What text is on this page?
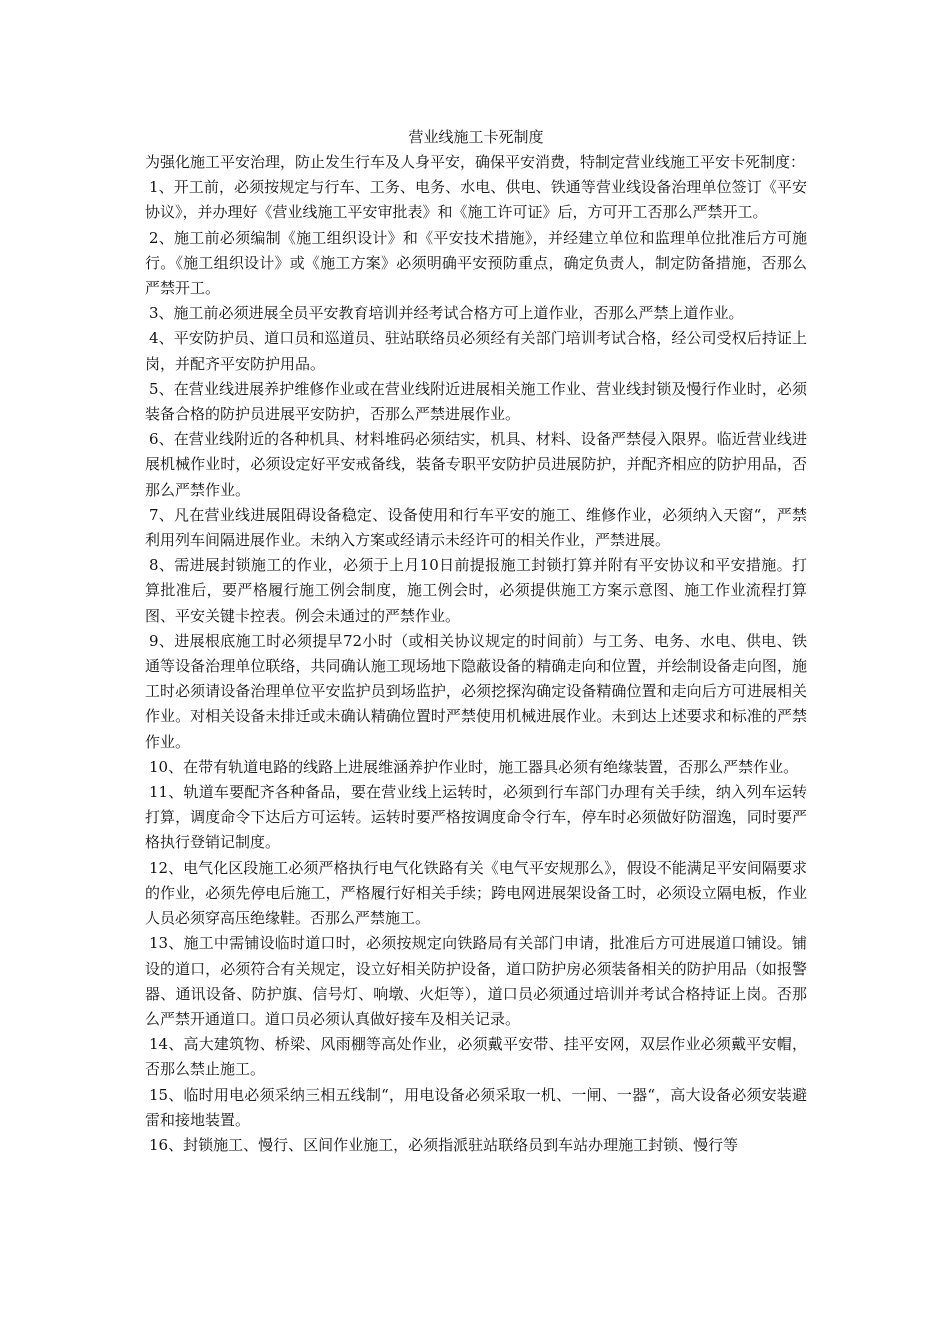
营业线施工卡死制度

为强化施工平安治理，防止发生行车及人身平安，确保平安消费，特制定营业线施工平安卡死制度：

1、开工前，必须按规定与行车、工务、电务、水电、供电、铁通等营业线设备治理单位签订《平安协议》，并办理好《营业线施工平安审批表》和《施工许可证》后，方可开工否那么严禁开工。

2、施工前必须编制《施工组织设计》和《平安技术措施》，并经建立单位和监理单位批准后方可施行。《施工组织设计》或《施工方案》必须明确平安预防重点，确定负责人，制定防备措施，否那么严禁开工。

3、施工前必须进展全员平安教育培训并经考试合格方可上道作业，否那么严禁上道作业。

4、平安防护员、道口员和巡道员、驻站联络员必须经有关部门培训考试合格，经公司受权后持证上岗，并配齐平安防护用品。

5、在营业线进展养护维修作业或在营业线附近进展相关施工作业、营业线封锁及慢行作业时，必须装备合格的防护员进展平安防护，否那么严禁进展作业。

6、在营业线附近的各种机具、材料堆码必须结实，机具、材料、设备严禁侵入限界。临近营业线进展机械作业时，必须设定好平安戒备线，装备专职平安防护员进展防护，并配齐相应的防护用品，否那么严禁作业。

7、凡在营业线进展阻碍设备稳定、设备使用和行车平安的施工、维修作业，必须纳入天窗“，严禁利用列车间隔进展作业。未纳入方案或经请示未经许可的相关作业，严禁进展。

8、需进展封锁施工的作业，必须于上月10日前提报施工封锁打算并附有平安协议和平安措施。打算批准后，要严格履行施工例会制度，施工例会时，必须提供施工方案示意图、施工作业流程打算图、平安关键卡控表。例会未通过的严禁作业。

9、进展根底施工时必须提早72小时（或相关协议规定的时间前）与工务、电务、水电、供电、铁通等设备治理单位联络，共同确认施工现场地下隐蔽设备的精确走向和位置，并绘制设备走向图，施工时必须请设备治理单位平安监护员到场监护，必须挖探沟确定设备精确位置和走向后方可进展相关作业。对相关设备未排迁或未确认精确位置时严禁使用机械进展作业。未到达上述要求和标准的严禁作业。

10、在带有轨道电路的线路上进展维涵养护作业时，施工器具必须有绝缘装置，否那么严禁作业。

11、轨道车要配齐各种备品，要在营业线上运转时，必须到行车部门办理有关手续，纳入列车运转打算，调度命令下达后方可运转。运转时要严格按调度命令行车，停车时必须做好防溜逸，同时要严格执行登销记制度。

12、电气化区段施工必须严格执行电气化铁路有关《电气平安规那么》，假设不能满足平安间隔要求的作业，必须先停电后施工，严格履行好相关手续；跨电网进展架设备工时，必须设立隔电板，作业人员必须穿高压绝缘鞋。否那么严禁施工。

13、施工中需铺设临时道口时，必须按规定向铁路局有关部门申请，批准后方可进展道口铺设。铺设的道口，必须符合有关规定，设立好相关防护设备，道口防护房必须装备相关的防护用品（如报警器、通讯设备、防护旗、信号灯、响墩、火炬等），道口员必须通过培训并考试合格持证上岗。否那么严禁开通道口。道口员必须认真做好接车及相关记录。

14、高大建筑物、桥梁、风雨棚等高处作业，必须戴平安带、挂平安网，双层作业必须戴平安帽，否那么禁止施工。

15、临时用电必须采纳三相五线制“，用电设备必须采取一机、一闸、一器“，高大设备必须安装避雷和接地装置。

16、封锁施工、慢行、区间作业施工，必须指派驻站联络员到车站办理施工封锁、慢行等
